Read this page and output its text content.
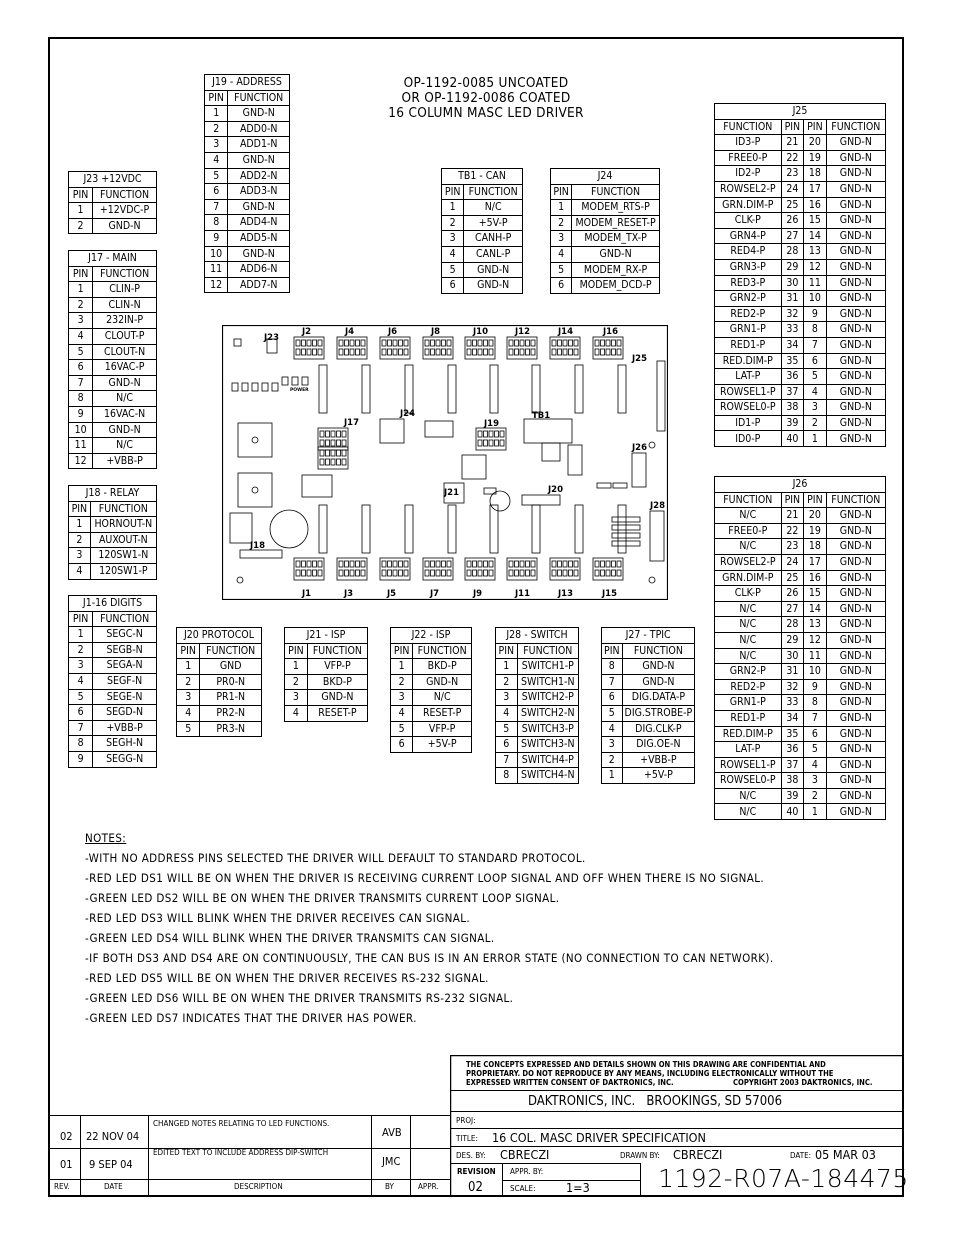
OP-1192-0085 UNCOATED
OR OP-1192-0086 COATED
16 COLUMN MASC LED DRIVER
J19 - ADDRESS	
PIN	FUNCTION
1	GND-N
2	ADD0-N
3	ADD1-N
4	GND-N
5	ADD2-N
6	ADD3-N
7	GND-N
8	ADD4-N
9	ADD5-N
10	GND-N
11	ADD6-N
12	ADD7-N
J23 +12VDC	
PIN	FUNCTION
1	+12VDC-P
2	GND-N
J17 - MAIN	
PIN	FUNCTION
1	CLIN-P
2	CLIN-N
3	232IN-P
4	CLOUT-P
5	CLOUT-N
6	16VAC-P
7	GND-N
8	N/C
9	16VAC-N
10	GND-N
11	N/C
12	+VBB-P
J18 - RELAY	
PIN	FUNCTION
1	HORNOUT-N
2	AUXOUT-N
3	120SW1-N
4	120SW1-P
J1-16 DIGITS	
PIN	FUNCTION
1	SEGC-N
2	SEGB-N
3	SEGA-N
4	SEGF-N
5	SEGE-N
6	SEGD-N
7	+VBB-P
8	SEGH-N
9	SEGG-N
TB1 - CAN	
PIN	FUNCTION
1	N/C
2	+5V-P
3	CANH-P
4	CANL-P
5	GND-N
6	GND-N
J24	
PIN	FUNCTION
1	MODEM_RTS-P
2	MODEM_RESET-P
3	MODEM_TX-P
4	GND-N
5	MODEM_RX-P
6	MODEM_DCD-P
J20 PROTOCOL	
PIN	FUNCTION
1	GND
2	PR0-N
3	PR1-N
4	PR2-N
5	PR3-N
J21 - ISP	
PIN	FUNCTION
1	VFP-P
2	BKD-P
3	GND-N
4	RESET-P
J22 - ISP	
PIN	FUNCTION
1	BKD-P
2	GND-N
3	N/C
4	RESET-P
5	VFP-P
6	+5V-P
J28 - SWITCH	
PIN	FUNCTION
1	SWITCH1-P
2	SWITCH1-N
3	SWITCH2-P
4	SWITCH2-N
5	SWITCH3-P
6	SWITCH3-N
7	SWITCH4-P
8	SWITCH4-N
J27 - TPIC	
PIN	FUNCTION
8	GND-N
7	GND-N
6	DIG.DATA-P
5	DIG.STROBE-P
4	DIG.CLK-P
3	DIG.OE-N
2	+VBB-P
1	+5V-P
J25			
FUNCTION	PIN	PIN	FUNCTION
ID3-P	21	20	GND-N
FREE0-P	22	19	GND-N
ID2-P	23	18	GND-N
ROWSEL2-P	24	17	GND-N
GRN.DIM-P	25	16	GND-N
CLK-P	26	15	GND-N
GRN4-P	27	14	GND-N
RED4-P	28	13	GND-N
GRN3-P	29	12	GND-N
RED3-P	30	11	GND-N
GRN2-P	31	10	GND-N
RED2-P	32	9	GND-N
GRN1-P	33	8	GND-N
RED1-P	34	7	GND-N
RED.DIM-P	35	6	GND-N
LAT-P	36	5	GND-N
ROWSEL1-P	37	4	GND-N
ROWSEL0-P	38	3	GND-N
ID1-P	39	2	GND-N
ID0-P	40	1	GND-N
J26			
FUNCTION	PIN	PIN	FUNCTION
N/C	21	20	GND-N
FREE0-P	22	19	GND-N
N/C	23	18	GND-N
ROWSEL2-P	24	17	GND-N
GRN.DIM-P	25	16	GND-N
CLK-P	26	15	GND-N
N/C	27	14	GND-N
N/C	28	13	GND-N
N/C	29	12	GND-N
N/C	30	11	GND-N
GRN2-P	31	10	GND-N
RED2-P	32	9	GND-N
GRN1-P	33	8	GND-N
RED1-P	34	7	GND-N
RED.DIM-P	35	6	GND-N
LAT-P	36	5	GND-N
ROWSEL1-P	37	4	GND-N
ROWSEL0-P	38	3	GND-N
N/C	39	2	GND-N
N/C	40	1	GND-N
J23
J2	J4	J6	J8	J10	J12	J14	J16
J25
J1	J3	J5	J7	J9	J11	J13	J15
J17
J24
J19
TB1
J26
J20
J21
J28
J18
POWER
NOTES:
-WITH NO ADDRESS PINS SELECTED THE DRIVER WILL DEFAULT TO STANDARD PROTOCOL.
-RED LED DS1 WILL BE ON WHEN THE DRIVER IS RECEIVING CURRENT LOOP SIGNAL AND OFF WHEN THERE IS NO SIGNAL.
-GREEN LED DS2 WILL BE ON WHEN THE DRIVER TRANSMITS CURRENT LOOP SIGNAL.
-RED LED DS3 WILL BLINK WHEN THE DRIVER RECEIVES CAN SIGNAL.
-GREEN LED DS4 WILL BLINK WHEN THE DRIVER TRANSMITS CAN SIGNAL.
-IF BOTH DS3 AND DS4 ARE ON CONTINUOUSLY, THE CAN BUS IS IN AN ERROR STATE (NO CONNECTION TO CAN NETWORK).
-RED LED DS5 WILL BE ON WHEN THE DRIVER RECEIVES RS-232 SIGNAL.
-GREEN LED DS6 WILL BE ON WHEN THE DRIVER TRANSMITS RS-232 SIGNAL.
-GREEN LED DS7 INDICATES THAT THE DRIVER HAS POWER.
02 22 NOV 04
CHANGED NOTES RELATING TO LED FUNCTIONS.
AVB
01 9 SEP 04
EDITED TEXT TO INCLUDE ADDRESS DIP-SWITCH
JMC
REV.	DATE	DESCRIPTION	BY	APPR.
THE CONCEPTS EXPRESSED AND DETAILS SHOWN ON THIS DRAWING ARE CONFIDENTIAL AND
PROPRIETARY. DO NOT REPRODUCE BY ANY MEANS, INCLUDING ELECTRONICALLY WITHOUT THE
EXPRESSED WRITTEN CONSENT OF DAKTRONICS, INC.	COPYRIGHT 2003 DAKTRONICS, INC.
DAKTRONICS, INC.   BROOKINGS, SD 57006
PROJ:
TITLE: 16 COL. MASC DRIVER SPECIFICATION
DES. BY: CBRECZI	DRAWN BY: CBRECZI	DATE: 05 MAR 03
REVISION
02
APPR. BY:
SCALE: 1=3	1192-R07A-184475
